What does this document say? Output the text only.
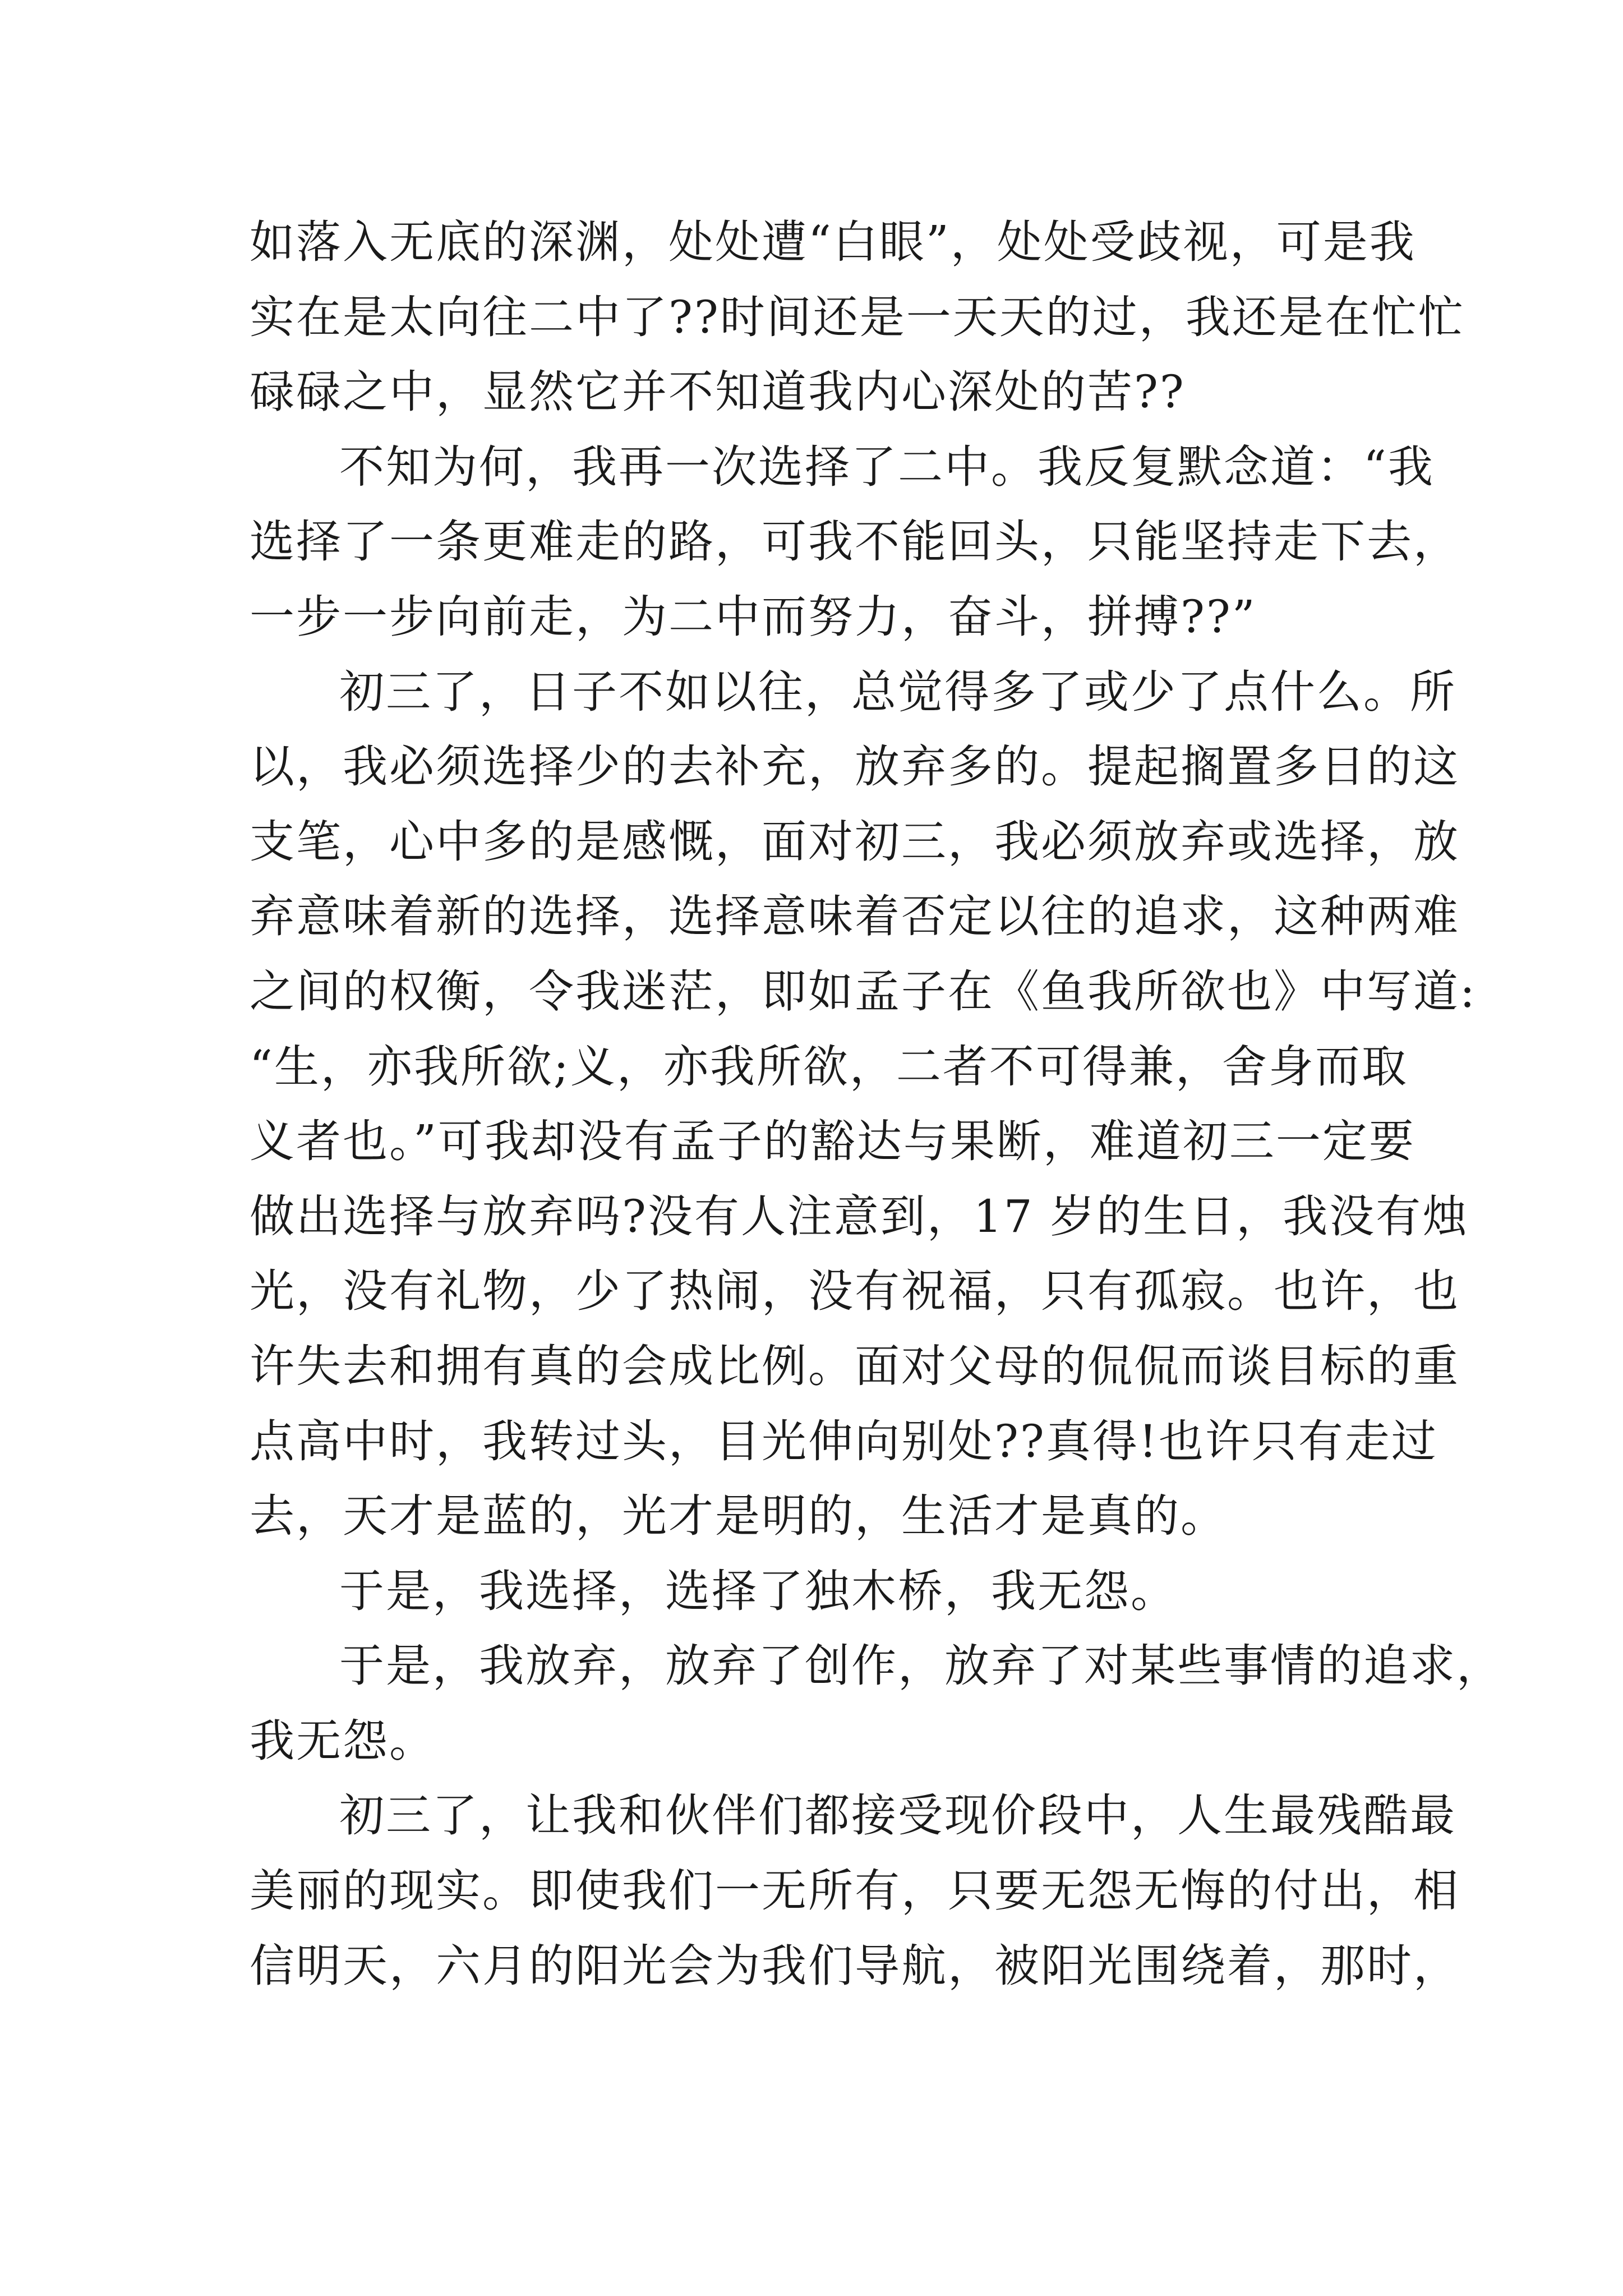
如落入无底的深渊，处处遭“白眼”，处处受歧视，可是我
实在是太向往二中了??时间还是一天天的过，我还是在忙忙
碌碌之中，显然它并不知道我内心深处的苦??
不知为何，我再一次选择了二中。我反复默念道：“我
选择了一条更难走的路，可我不能回头，只能坚持走下去，
一步一步向前走，为二中而努力，奋斗，拼搏??”
初三了，日子不如以往，总觉得多了或少了点什么。所
以，我必须选择少的去补充，放弃多的。提起搁置多日的这
支笔，心中多的是感慨，面对初三，我必须放弃或选择，放
弃意味着新的选择，选择意味着否定以往的追求，这种两难
之间的权衡，令我迷茫，即如孟子在《鱼我所欲也》中写道:
“生，亦我所欲;义，亦我所欲，二者不可得兼，舍身而取
义者也。”可我却没有孟子的豁达与果断，难道初三一定要
做出选择与放弃吗?没有人注意到，17 岁的生日，我没有烛
光，没有礼物，少了热闹，没有祝福，只有孤寂。也许，也
许失去和拥有真的会成比例。面对父母的侃侃而谈目标的重
点高中时，我转过头，目光伸向别处??真得!也许只有走过
去，天才是蓝的，光才是明的，生活才是真的。
于是，我选择，选择了独木桥，我无怨。
于是，我放弃，放弃了创作，放弃了对某些事情的追求，
我无怨。
初三了，让我和伙伴们都接受现价段中，人生最残酷最
美丽的现实。即使我们一无所有，只要无怨无悔的付出，相
信明天，六月的阳光会为我们导航，被阳光围绕着，那时，
